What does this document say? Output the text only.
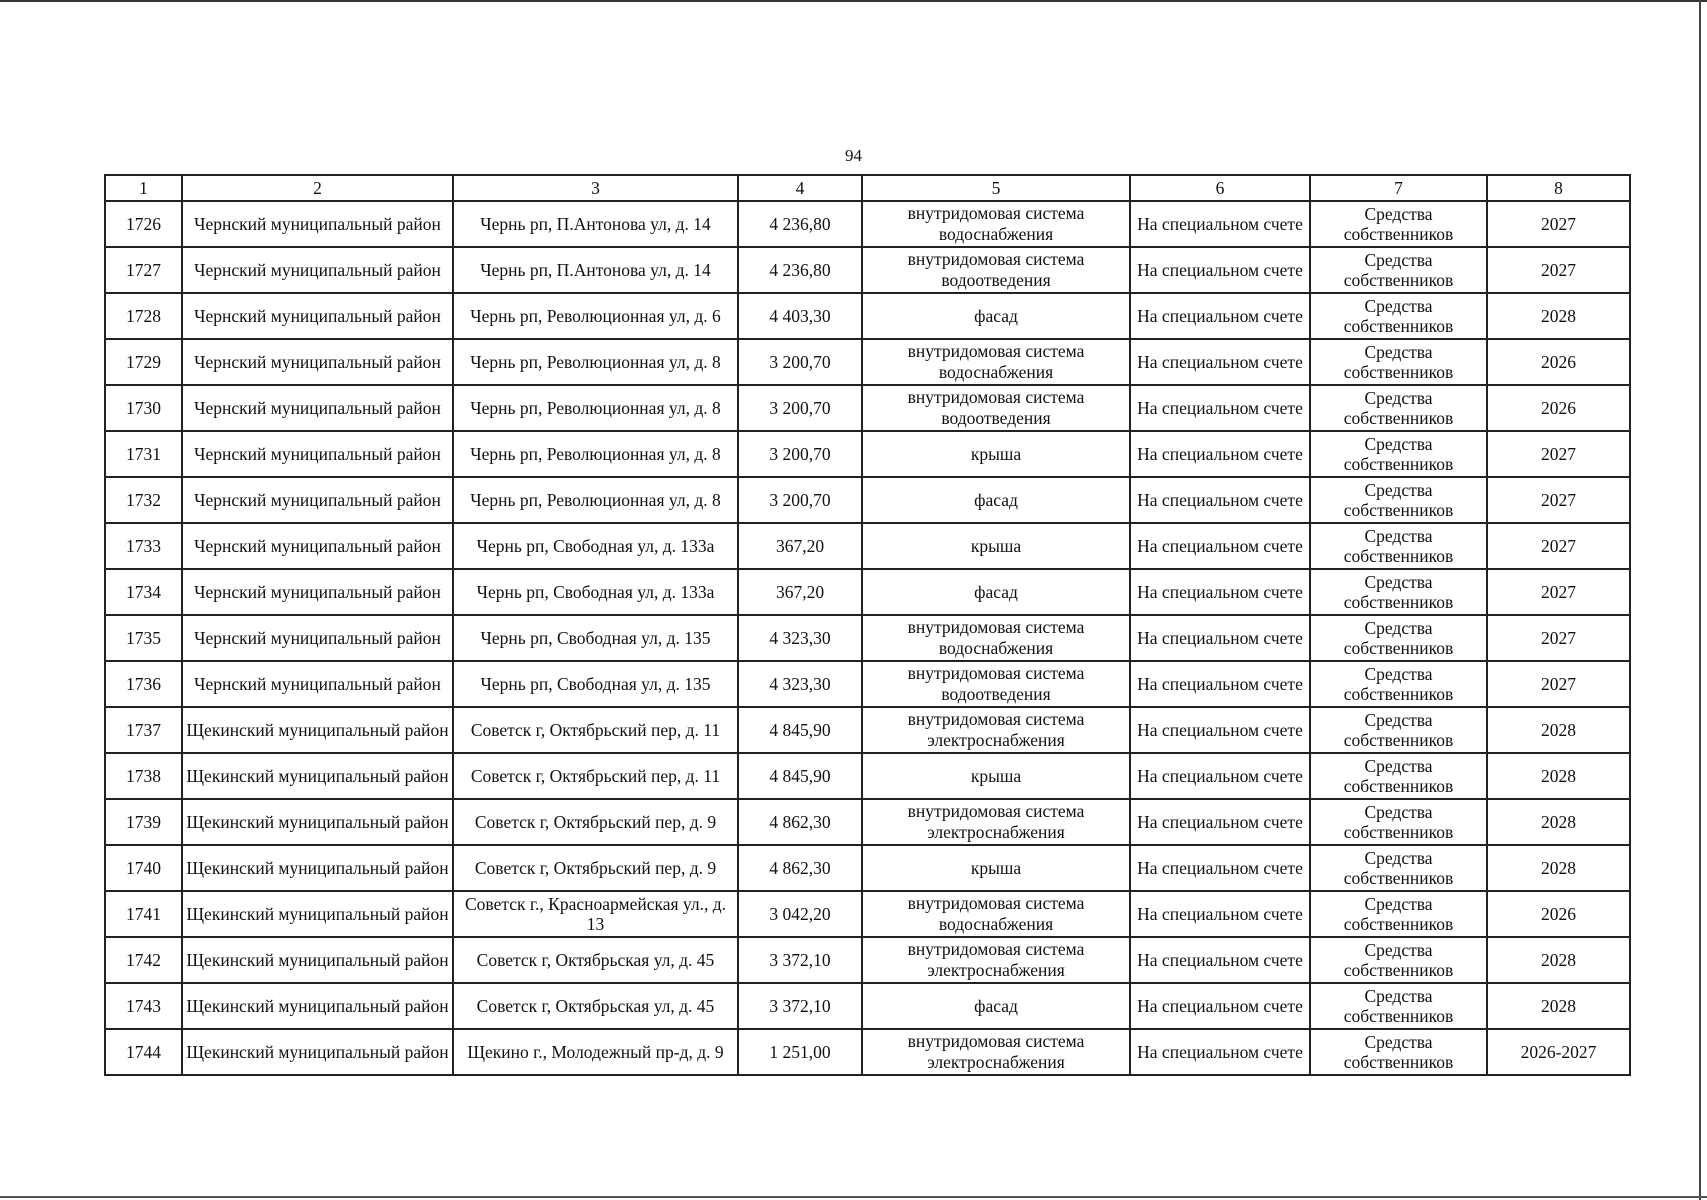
94
1	2	3	4	5	6	7	8
1726	Чернский муниципальный район	Чернь рп, П.Антонова ул, д. 14	4 236,80	внутридомовая система водоснабжения	На специальном счете	Средства собственников	2027
1727	Чернский муниципальный район	Чернь рп, П.Антонова ул, д. 14	4 236,80	внутридомовая система водоотведения	На специальном счете	Средства собственников	2027
1728	Чернский муниципальный район	Чернь рп, Революционная ул, д. 6	4 403,30	фасад	На специальном счете	Средства собственников	2028
1729	Чернский муниципальный район	Чернь рп, Революционная ул, д. 8	3 200,70	внутридомовая система водоснабжения	На специальном счете	Средства собственников	2026
1730	Чернский муниципальный район	Чернь рп, Революционная ул, д. 8	3 200,70	внутридомовая система водоотведения	На специальном счете	Средства собственников	2026
1731	Чернский муниципальный район	Чернь рп, Революционная ул, д. 8	3 200,70	крыша	На специальном счете	Средства собственников	2027
1732	Чернский муниципальный район	Чернь рп, Революционная ул, д. 8	3 200,70	фасад	На специальном счете	Средства собственников	2027
1733	Чернский муниципальный район	Чернь рп, Свободная ул, д. 133а	367,20	крыша	На специальном счете	Средства собственников	2027
1734	Чернский муниципальный район	Чернь рп, Свободная ул, д. 133а	367,20	фасад	На специальном счете	Средства собственников	2027
1735	Чернский муниципальный район	Чернь рп, Свободная ул, д. 135	4 323,30	внутридомовая система водоснабжения	На специальном счете	Средства собственников	2027
1736	Чернский муниципальный район	Чернь рп, Свободная ул, д. 135	4 323,30	внутридомовая система водоотведения	На специальном счете	Средства собственников	2027
1737	Щекинский муниципальный район	Советск г, Октябрьский пер, д. 11	4 845,90	внутридомовая система электроснабжения	На специальном счете	Средства собственников	2028
1738	Щекинский муниципальный район	Советск г, Октябрьский пер, д. 11	4 845,90	крыша	На специальном счете	Средства собственников	2028
1739	Щекинский муниципальный район	Советск г, Октябрьский пер, д. 9	4 862,30	внутридомовая система электроснабжения	На специальном счете	Средства собственников	2028
1740	Щекинский муниципальный район	Советск г, Октябрьский пер, д. 9	4 862,30	крыша	На специальном счете	Средства собственников	2028
1741	Щекинский муниципальный район	Советск г., Красноармейская ул., д. 13	3 042,20	внутридомовая система водоснабжения	На специальном счете	Средства собственников	2026
1742	Щекинский муниципальный район	Советск г, Октябрьская ул, д. 45	3 372,10	внутридомовая система электроснабжения	На специальном счете	Средства собственников	2028
1743	Щекинский муниципальный район	Советск г, Октябрьская ул, д. 45	3 372,10	фасад	На специальном счете	Средства собственников	2028
1744	Щекинский муниципальный район	Щекино г., Молодежный пр-д, д. 9	1 251,00	внутридомовая система электроснабжения	На специальном счете	Средства собственников	2026-2027
